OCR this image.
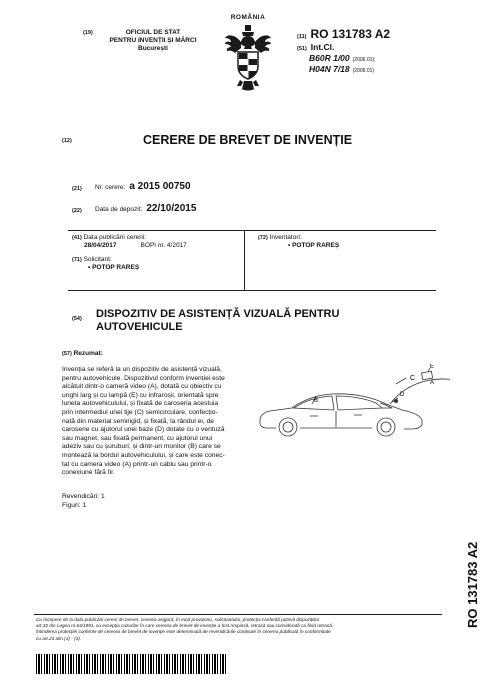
(19)	OFICIUL DE STAT
PENTRU INVENȚII ȘI MĂRCI
București
ROMÂNIA
(11) RO 131783 A2
(51) Int.Cl.
B60R 1/00 (2006.01);
H04N 7/18 (2006.01)
(12)	CERERE DE BREVET DE INVENȚIE
(21) Nr. cerere: a 2015 00750
(22) Data de depozit: 22/10/2015
(41) Data publicării cererii:
28/04/2017	BOPI nr. 4/2017
(72) Inventatori:
• POTOP RAREȘ
(71) Solicitant:
• POTOP RAREȘ
(54) DISPOZITIV DE ASISTENȚĂ VIZUALĂ PENTRU
AUTOVEHICULE
(57) Rezumat:

Invenția se referă la un dispozitiv de asistență vizuală,

pentru autovehicule. Dispozitivul conform invenției este

alcătuit dintr-o cameră video (A), dotată cu obiectiv cu

unghi larg și cu lampă (E) cu infraroșii, orientată spre

luneta autovehiculului, și fixată de caroseria acestuia

prin intermediul unei tije (C) semicirculare, confecțio-

nată din material semirigid, și fixată, la rândul ei, de

caroserie cu ajutorul unei baze (D) dotate cu o ventuză

sau magnet, sau fixată permanent, cu ajutorul unui

adeziv sau cu șuruburi, și dintr-un monitor (B) care se

montează la bordul autovehiculului, și care este conec-

tat cu camera video (A) printr-un cablu sau printr-o

conexiune fără fir.

Revendicări: 1
Figuri: 1
C
E
A
D
B
RO 131783 A2
Cu începere de la data publicării cererii de brevet, cererea asigură, în mod provizoriu, solicitantului, protecția conferită potrivit dispozițiilor
art.32 din Legea nr.64/1991, cu excepția cazurilor în care cererea de brevet de invenție a fost respinsă, retrasă sau considerată ca fiind retrasă.
Întinderea protecției conferite de cererea de brevet de invenție este determinată de revendicările conținute în cererea publicată în conformitate
cu art.23 alin.(1) - (3).
